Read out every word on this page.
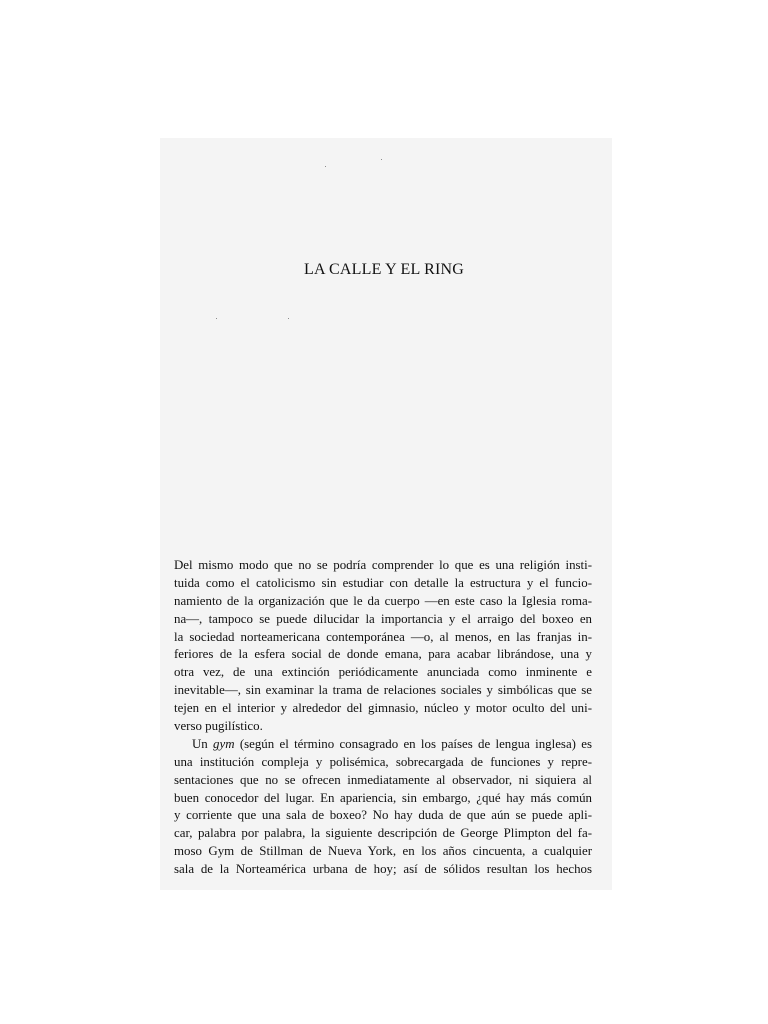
LA CALLE Y EL RING
Del mismo modo que no se podría comprender lo que es una religión insti-
tuida como el catolicismo sin estudiar con detalle la estructura y el funcio-
namiento de la organización que le da cuerpo —en este caso la Iglesia roma-
na—, tampoco se puede dilucidar la importancia y el arraigo del boxeo en
la sociedad norteamericana contemporánea —o, al menos, en las franjas in-
feriores de la esfera social de donde emana, para acabar librándose, una y
otra vez, de una extinción periódicamente anunciada como inminente e
inevitable—, sin examinar la trama de relaciones sociales y simbólicas que se
tejen en el interior y alrededor del gimnasio, núcleo y motor oculto del uni-
verso pugilístico.
Un gym (según el término consagrado en los países de lengua inglesa) es
una institución compleja y polisémica, sobrecargada de funciones y repre-
sentaciones que no se ofrecen inmediatamente al observador, ni siquiera al
buen conocedor del lugar. En apariencia, sin embargo, ¿qué hay más común
y corriente que una sala de boxeo? No hay duda de que aún se puede apli-
car, palabra por palabra, la siguiente descripción de George Plimpton del fa-
moso Gym de Stillman de Nueva York, en los años cincuenta, a cualquier
sala de la Norteamérica urbana de hoy; así de sólidos resultan los hechos
